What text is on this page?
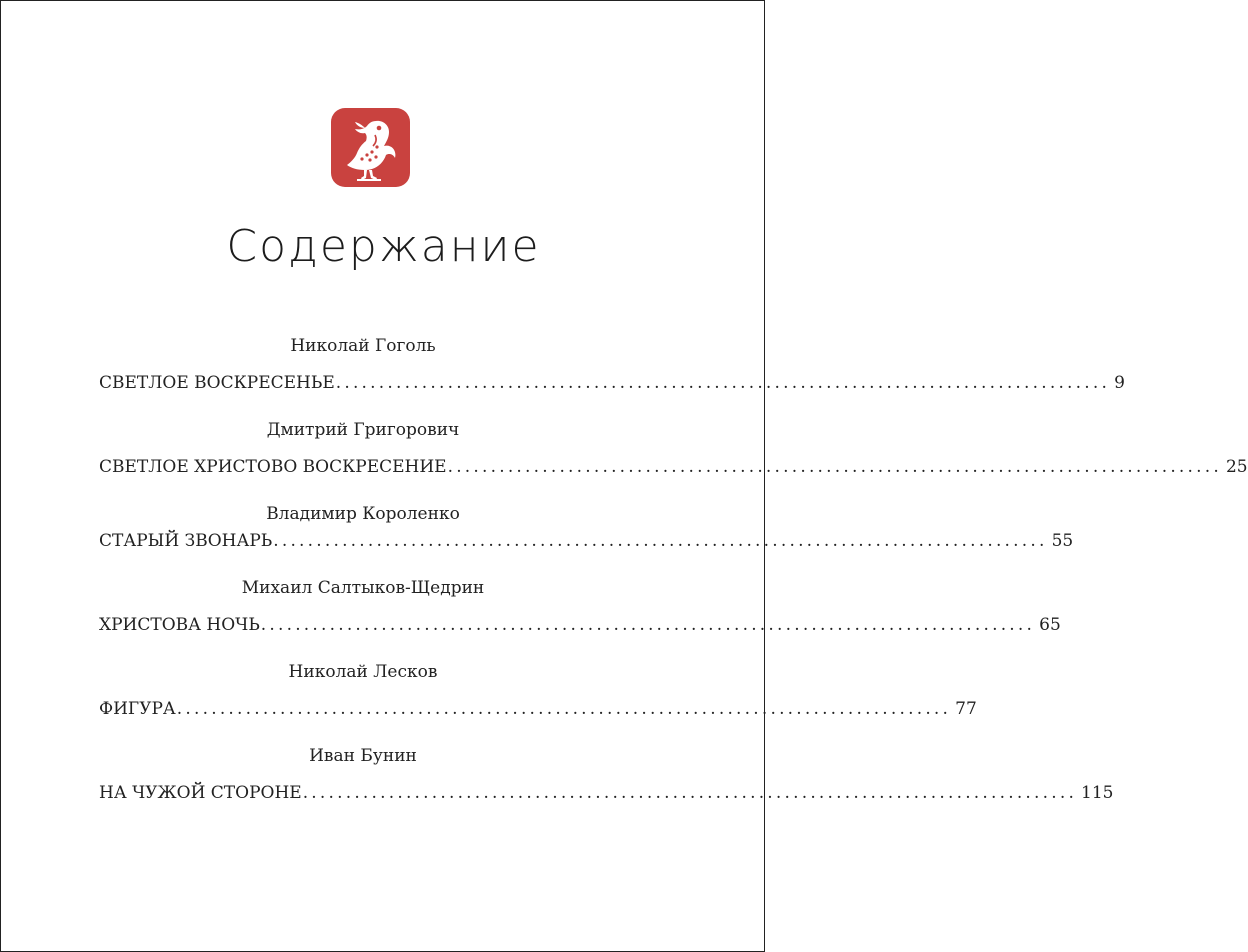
Содержание
Николай Гоголь
СВЕТЛОЕ ВОСКРЕСЕНЬЕ .......................................................................................... 9
Дмитрий Григорович
СВЕТЛОЕ ХРИСТОВО ВОСКРЕСЕНИЕ .......................................................................................... 25
Владимир Короленко
СТАРЫЙ ЗВОНАРЬ .......................................................................................... 55
Михаил Салтыков-Щедрин
ХРИСТОВА НОЧЬ .......................................................................................... 65
Николай Лесков
ФИГУРА .......................................................................................... 77
Иван Бунин
НА ЧУЖОЙ СТОРОНЕ .......................................................................................... 115
